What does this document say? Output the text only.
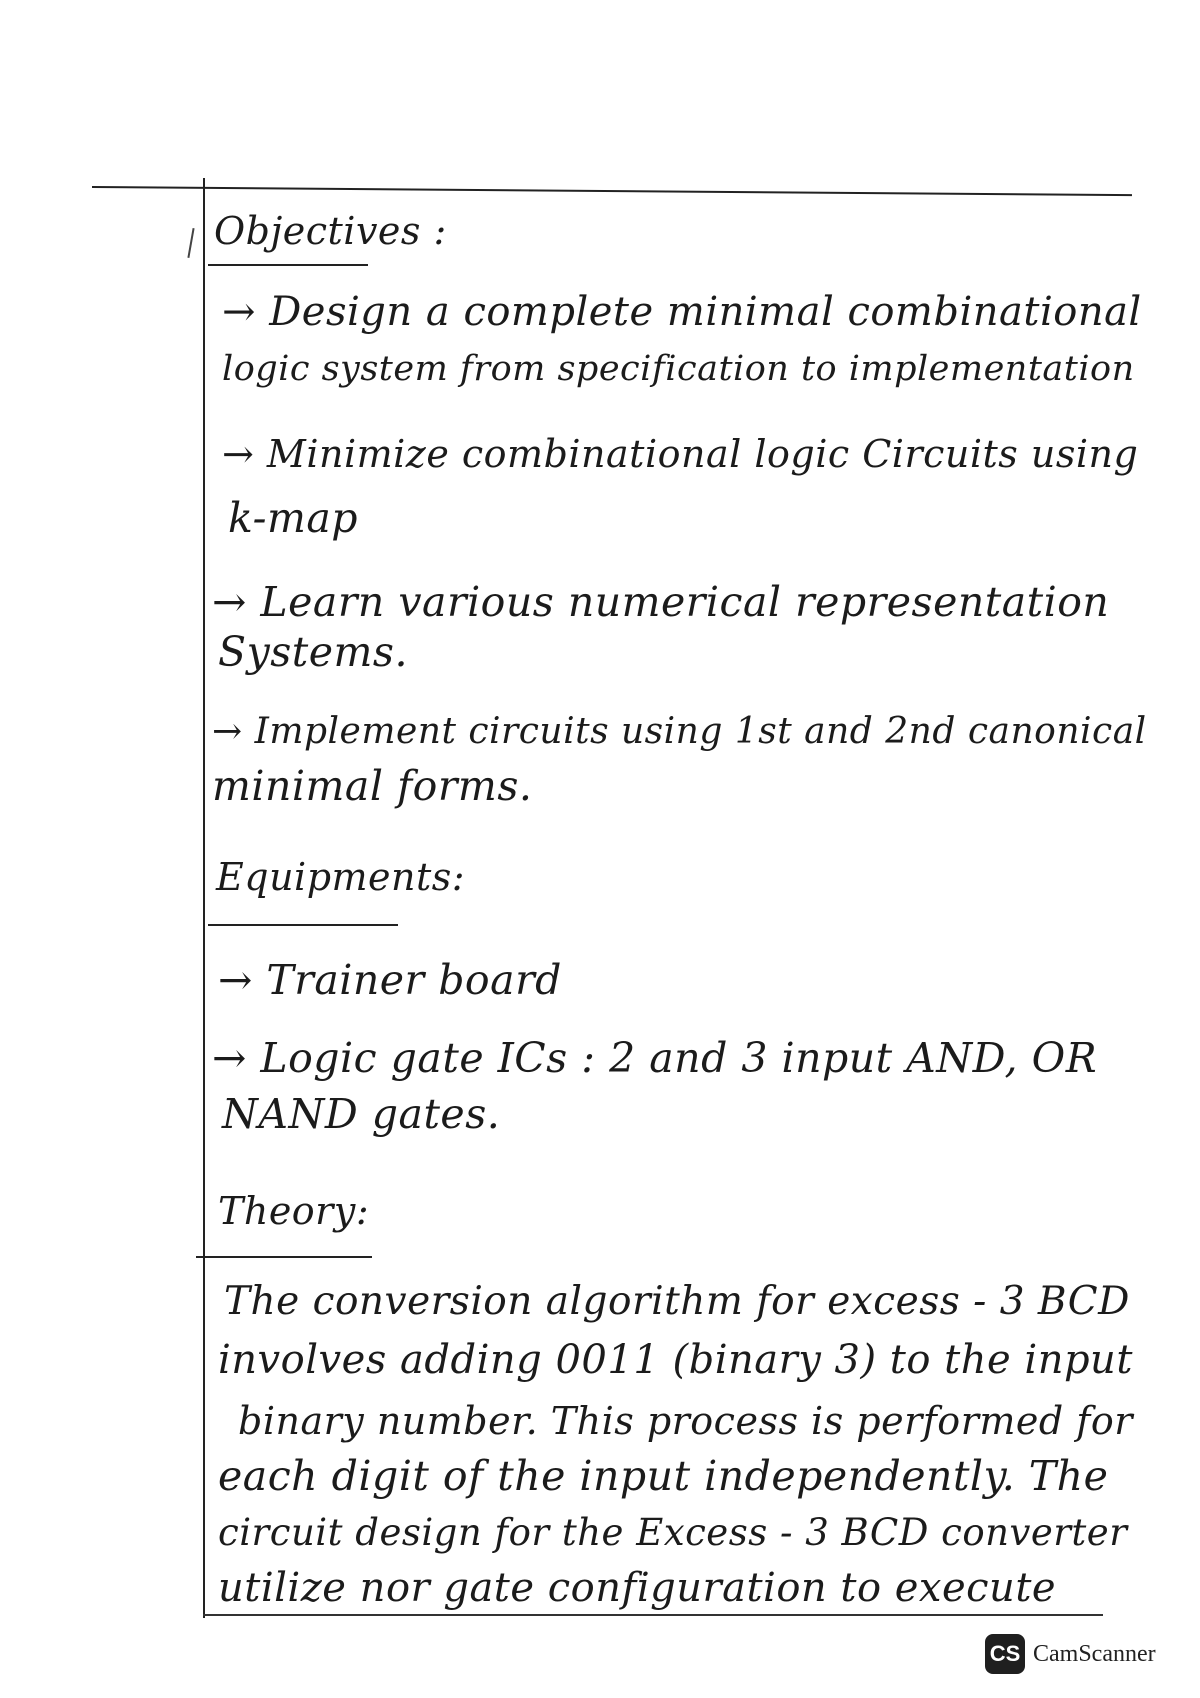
Objectives :
→ Design a complete minimal combinational
logic system from specification to implementation
→ Minimize combinational logic Circuits using
k-map
→ Learn various numerical representation
Systems.
→ Implement circuits using 1st and 2nd canonical
minimal forms.
Equipments:
→ Trainer board
→ Logic gate ICs : 2 and 3 input AND, OR
NAND gates.
Theory:
The conversion algorithm for excess - 3 BCD
involves adding 0011 (binary 3) to the input
binary number. This process is performed for
each digit of the input independently. The
circuit design for the Excess - 3 BCD converter
utilize nor gate configuration to execute
CS CamScanner
